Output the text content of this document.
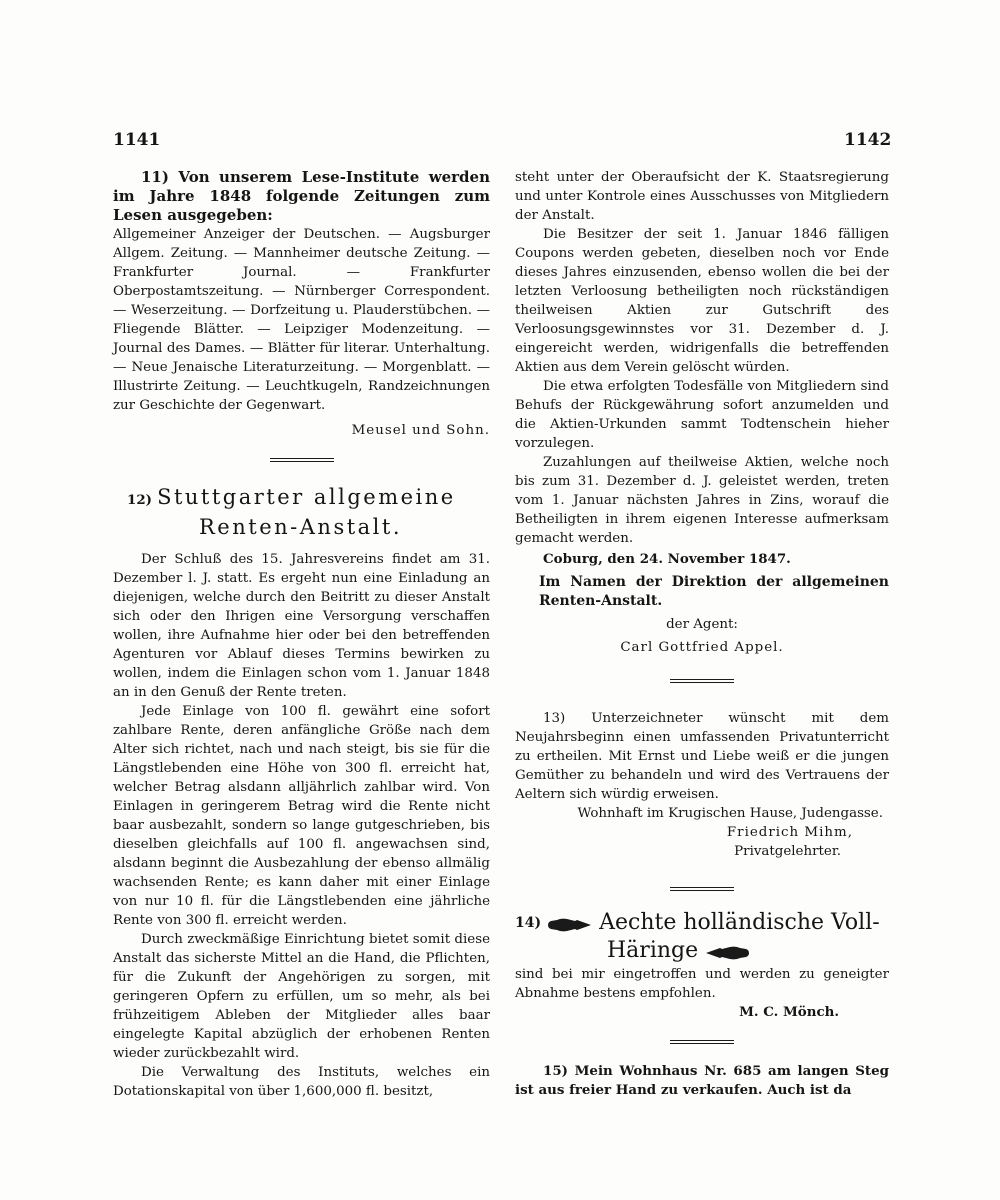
1141	1142

11) Von unserem Lese-Institute werden im Jahre 1848 folgende Zeitungen zum Lesen ausgegeben:

Allgemeiner Anzeiger der Deutschen. — Augsburger Allgem. Zeitung. — Mannheimer deutsche Zeitung. — Frankfurter Journal. — Frankfurter Oberpostamtszeitung. — Nürnberger Correspondent. — Weserzeitung. — Dorfzeitung u. Plauderstübchen. — Fliegende Blätter. — Leipziger Modenzeitung. — Journal des Dames. — Blätter für literar. Unterhaltung. — Neue Jenaische Literaturzeitung. — Morgenblatt. — Illustrirte Zeitung. — Leuchtkugeln, Randzeichnungen zur Geschichte der Gegenwart.

Meusel und Sohn.

12) Stuttgarter allgemeine
Renten-Anstalt.

Der Schluß des 15. Jahresvereins findet am 31. Dezember l. J. statt. Es ergeht nun eine Einladung an diejenigen, welche durch den Beitritt zu dieser Anstalt sich oder den Ihrigen eine Versorgung verschaffen wollen, ihre Aufnahme hier oder bei den betreffenden Agenturen vor Ablauf dieses Termins bewirken zu wollen, indem die Einlagen schon vom 1. Januar 1848 an in den Genuß der Rente treten.

Jede Einlage von 100 fl. gewährt eine sofort zahlbare Rente, deren anfängliche Größe nach dem Alter sich richtet, nach und nach steigt, bis sie für die Längstlebenden eine Höhe von 300 fl. erreicht hat, welcher Betrag alsdann alljährlich zahlbar wird. Von Einlagen in geringerem Betrag wird die Rente nicht baar ausbezahlt, sondern so lange gutgeschrieben, bis dieselben gleichfalls auf 100 fl. angewachsen sind, alsdann beginnt die Ausbezahlung der ebenso allmälig wachsenden Rente; es kann daher mit einer Einlage von nur 10 fl. für die Längstlebenden eine jährliche Rente von 300 fl. erreicht werden.

Durch zweckmäßige Einrichtung bietet somit diese Anstalt das sicherste Mittel an die Hand, die Pflichten, für die Zukunft der Angehörigen zu sorgen, mit geringeren Opfern zu erfüllen, um so mehr, als bei frühzeitigem Ableben der Mitglieder alles baar eingelegte Kapital abzüglich der erhobenen Renten wieder zurückbezahlt wird.

Die Verwaltung des Instituts, welches ein Dotationskapital von über 1,600,000 fl. besitzt,

steht unter der Oberaufsicht der K. Staatsregierung und unter Kontrole eines Ausschusses von Mitgliedern der Anstalt.

Die Besitzer der seit 1. Januar 1846 fälligen Coupons werden gebeten, dieselben noch vor Ende dieses Jahres einzusenden, ebenso wollen die bei der letzten Verloosung betheiligten noch rückständigen theilweisen Aktien zur Gutschrift des Verloosungsgewinnstes vor 31. Dezember d. J. eingereicht werden, widrigenfalls die betreffenden Aktien aus dem Verein gelöscht würden.

Die etwa erfolgten Todesfälle von Mitgliedern sind Behufs der Rückgewährung sofort anzumelden und die Aktien-Urkunden sammt Todtenschein hieher vorzulegen.

Zuzahlungen auf theilweise Aktien, welche noch bis zum 31. Dezember d. J. geleistet werden, treten vom 1. Januar nächsten Jahres in Zins, worauf die Betheiligten in ihrem eigenen Interesse aufmerksam gemacht werden.

Coburg, den 24. November 1847.

Im Namen der Direktion der allgemeinen Renten-Anstalt.

der Agent:
Carl Gottfried Appel.

13) Unterzeichneter wünscht mit dem Neujahrsbeginn einen umfassenden Privatunterricht zu ertheilen. Mit Ernst und Liebe weiß er die jungen Gemüther zu behandeln und wird des Vertrauens der Aeltern sich würdig erweisen.

Wohnhaft im Krugischen Hause, Judengasse.

Friedrich Mihm,

Privatgelehrter.

14)	Aechte holländische Voll-
Häringe

sind bei mir eingetroffen und werden zu geneigter Abnahme bestens empfohlen.

M. C. Mönch.

15) Mein Wohnhaus Nr. 685 am langen Steg ist aus freier Hand zu verkaufen. Auch ist da
